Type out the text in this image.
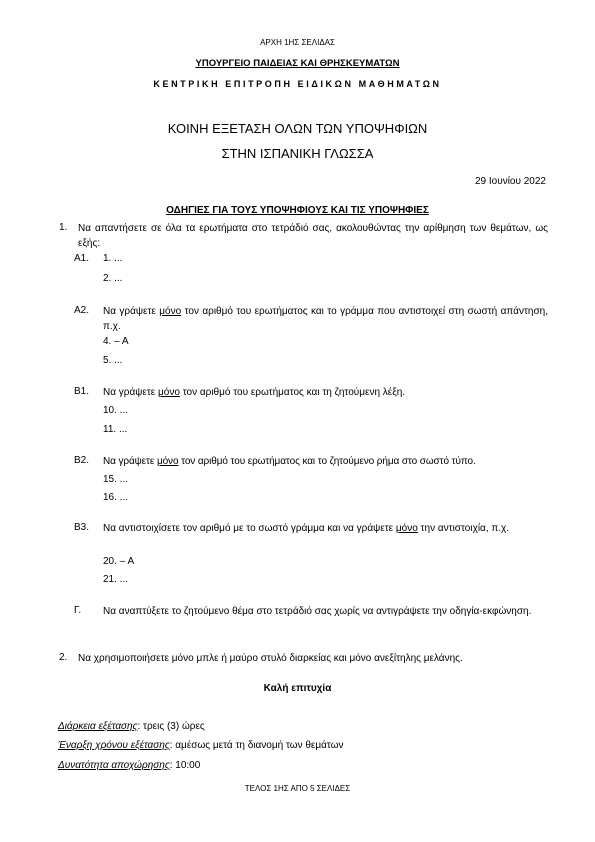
ΑΡΧΗ 1ΗΣ ΣΕΛΙΔΑΣ
ΥΠΟΥΡΓΕΙΟ ΠΑΙΔΕΙΑΣ ΚΑΙ ΘΡΗΣΚΕΥΜΑΤΩΝ
ΚΕΝΤΡΙΚΗ ΕΠΙΤΡΟΠΗ ΕΙΔΙΚΩΝ ΜΑΘΗΜΑΤΩΝ
ΚΟΙΝΗ ΕΞΕΤΑΣΗ ΟΛΩΝ ΤΩΝ ΥΠΟΨΗΦΙΩΝ
ΣΤΗΝ ΙΣΠΑΝΙΚΗ ΓΛΩΣΣΑ
29 Ιουνίου 2022
ΟΔΗΓΙΕΣ ΓΙΑ ΤΟΥΣ ΥΠΟΨΗΦΙΟΥΣ ΚΑΙ ΤΙΣ ΥΠΟΨΗΦΙΕΣ
1. Να απαντήσετε σε όλα τα ερωτήματα στο τετράδιό σας, ακολουθώντας την αρίθμηση των θεμάτων, ως εξής:
Α1. 1. ...
2. ...
Α2. Να γράψετε μόνο τον αριθμό του ερωτήματος και το γράμμα που αντιστοιχεί στη σωστή απάντηση, π.χ.
4. – Α
5. ...
Β1. Να γράψετε μόνο τον αριθμό του ερωτήματος και τη ζητούμενη λέξη.
10. ...
11. ...
Β2. Να γράψετε μόνο τον αριθμό του ερωτήματος και το ζητούμενο ρήμα στο σωστό τύπο.
15. ...
16. ...
Β3. Να αντιστοιχίσετε τον αριθμό με το σωστό γράμμα και να γράψετε μόνο την αντιστοιχία, π.χ.
20. – Α
21. ...
Γ. Να αναπτύξετε το ζητούμενο θέμα στο τετράδιό σας χωρίς να αντιγράψετε την οδηγία-εκφώνηση.
2. Να χρησιμοποιήσετε μόνο μπλε ή μαύρο στυλό διαρκείας και μόνο ανεξίτηλης μελάνης.
Καλή επιτυχία
Διάρκεια εξέτασης: τρεις (3) ώρες
Έναρξη χρόνου εξέτασης: αμέσως μετά τη διανομή των θεμάτων
Δυνατότητα αποχώρησης: 10:00
ΤΕΛΟΣ 1ΗΣ ΑΠΟ 5 ΣΕΛΙΔΕΣ
